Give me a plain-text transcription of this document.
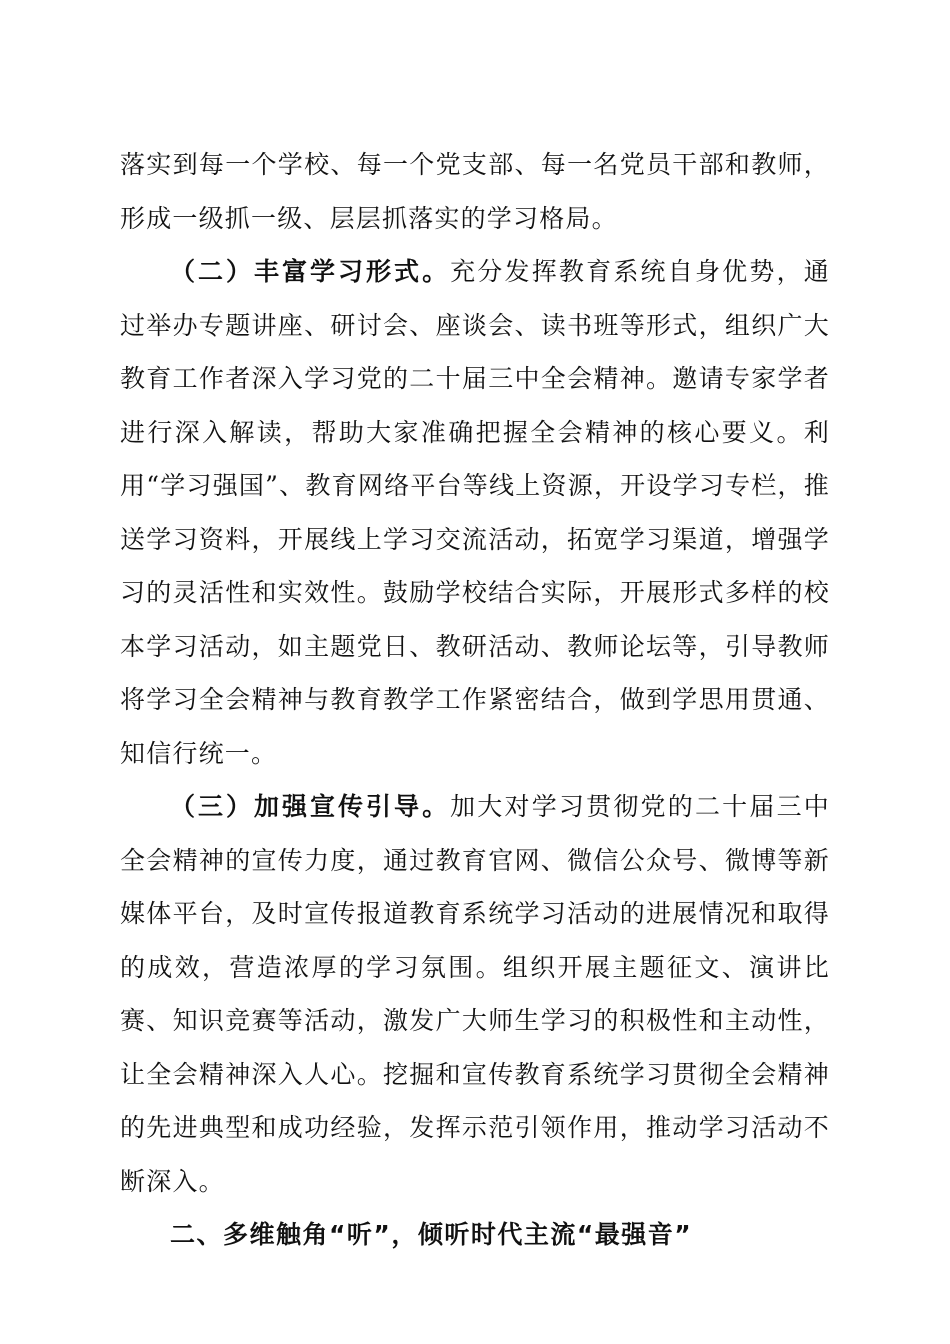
落实到每一个学校、每一个党支部、每一名党员干部和教师，形成一级抓一级、层层抓落实的学习格局。

（二）丰富学习形式。充分发挥教育系统自身优势，通过举办专题讲座、研讨会、座谈会、读书班等形式，组织广大教育工作者深入学习党的二十届三中全会精神。邀请专家学者进行深入解读，帮助大家准确把握全会精神的核心要义。利用“学习强国”、教育网络平台等线上资源，开设学习专栏，推送学习资料，开展线上学习交流活动，拓宽学习渠道，增强学习的灵活性和实效性。鼓励学校结合实际，开展形式多样的校本学习活动，如主题党日、教研活动、教师论坛等，引导教师将学习全会精神与教育教学工作紧密结合，做到学思用贯通、知信行统一。

（三）加强宣传引导。加大对学习贯彻党的二十届三中全会精神的宣传力度，通过教育官网、微信公众号、微博等新媒体平台，及时宣传报道教育系统学习活动的进展情况和取得的成效，营造浓厚的学习氛围。组织开展主题征文、演讲比赛、知识竞赛等活动，激发广大师生学习的积极性和主动性，让全会精神深入人心。挖掘和宣传教育系统学习贯彻全会精神的先进典型和成功经验，发挥示范引领作用，推动学习活动不断深入。

二、多维触角“听”，倾听时代主流“最强音”
